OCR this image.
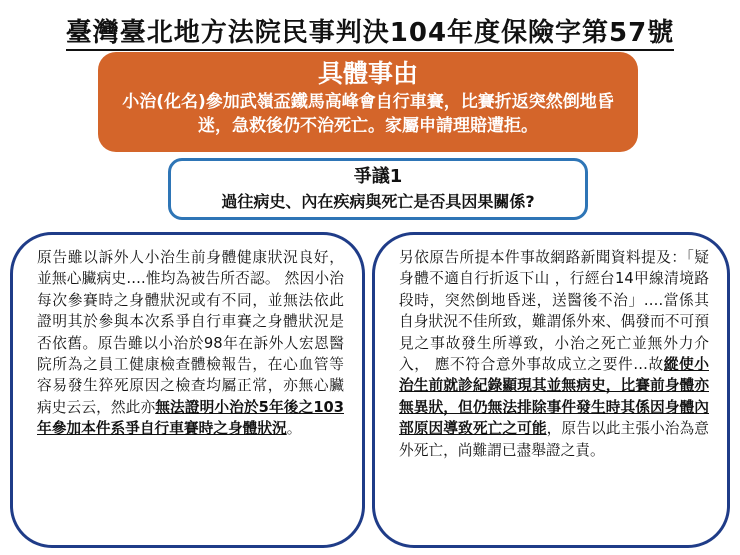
臺灣臺北地方法院民事判決104年度保險字第57號
具體事由
小治(化名)參加武嶺盃鐵馬高峰會自行車賽，比賽折返突然倒地昏迷，急救後仍不治死亡。家屬申請理賠遭拒。
爭議1
過往病史、內在疾病與死亡是否具因果關係?
原告雖以訴外人小治生前身體健康狀況良好，並無心臟病史….惟均為被告所否認。 然因小治每次參賽時之身體狀況或有不同，並無法依此證明其於參與本次系爭自行車賽之身體狀況是否依舊。原告雖以小治於98年在訴外人宏恩醫院所為之員工健康檢查體檢報告，在心血管等容易發生猝死原因之檢查均屬正常，亦無心臟病史云云，然此亦無法證明小治於5年後之103 年參加本件系爭自行車賽時之身體狀況。
另依原告所提本件事故網路新聞資料提及：「疑身體不適自行折返下山 ，行經台14甲線清境路段時，突然倒地昏迷，送醫後不治」….當係其自身狀況不佳所致，難謂係外來、偶發而不可預見之事故發生所導致，小治之死亡並無外力介入， 應不符合意外事故成立之要件…故縱使小治生前就診紀錄顯現其並無病史，比賽前身體亦無異狀，但仍無法排除事件發生時其係因身體內部原因導致死亡之可能，原告以此主張小治為意外死亡，尚難謂已盡舉證之責。
